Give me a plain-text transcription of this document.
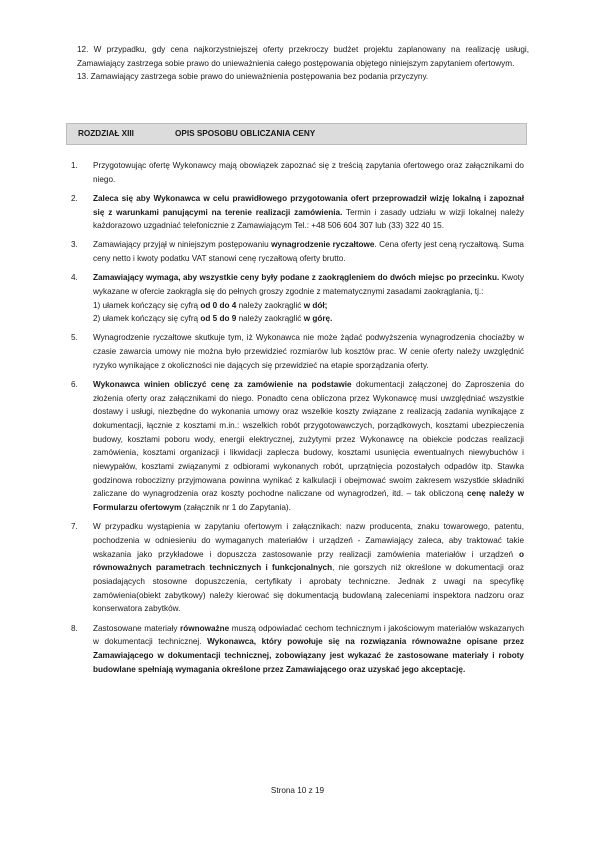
12. W przypadku, gdy cena najkorzystniejszej oferty przekroczy budżet projektu zaplanowany na realizację usługi, Zamawiający zastrzega sobie prawo do unieważnienia całego postępowania objętego niniejszym zapytaniem ofertowym.

13. Zamawiający zastrzega sobie prawo do unieważnienia postępowania bez podania przyczyny.

ROZDZIAŁ XIII	OPIS SPOSOBU OBLICZANIA CENY
1. Przygotowując ofertę Wykonawcy mają obowiązek zapoznać się z treścią zapytania ofertowego oraz załącznikami do niego.
2. Zaleca się aby Wykonawca w celu prawidłowego przygotowania ofert przeprowadził wizję lokalną i zapoznał się z warunkami panującymi na terenie realizacji zamówienia. Termin i zasady udziału w wizji lokalnej należy każdorazowo uzgadniać telefonicznie z Zamawiającym Tel.: +48 506 604 307 lub (33) 322 40 15.
3. Zamawiający przyjął w niniejszym postępowaniu wynagrodzenie ryczałtowe. Cena oferty jest ceną ryczałtową. Suma ceny netto i kwoty podatku VAT stanowi cenę ryczałtową oferty brutto.
4. Zamawiający wymaga, aby wszystkie ceny były podane z zaokrągleniem do dwóch miejsc po przecinku. Kwoty wykazane w ofercie zaokrągla się do pełnych groszy zgodnie z matematycznymi zasadami zaokrąglania, tj.:
1) ułamek kończący się cyfrą od 0 do 4 należy zaokrąglić w dół;
2) ułamek kończący się cyfrą od 5 do 9 należy zaokrąglić w górę.
5. Wynagrodzenie ryczałtowe skutkuje tym, iż Wykonawca nie może żądać podwyższenia wynagrodzenia chociażby w czasie zawarcia umowy nie można było przewidzieć rozmiarów lub kosztów prac. W cenie oferty należy uwzględnić ryzyko wynikające z okoliczności nie dających się przewidzieć na etapie sporządzania oferty.
6. Wykonawca winien obliczyć cenę za zamówienie na podstawie dokumentacji załączonej do Zaproszenia do złożenia oferty oraz załącznikami do niego. Ponadto cena obliczona przez Wykonawcę musi uwzględniać wszystkie dostawy i usługi, niezbędne do wykonania umowy oraz wszelkie koszty związane z realizacją zadania wynikające z dokumentacji, łącznie z kosztami m.in.: wszelkich robót przygotowawczych, porządkowych, kosztami ubezpieczenia budowy, kosztami poboru wody, energii elektrycznej, zużytymi przez Wykonawcę na obiekcie podczas realizacji zamówienia, kosztami organizacji i likwidacji zaplecza budowy, kosztami usunięcia ewentualnych niewybuchów i niewypałów, kosztami związanymi z odbiorami wykonanych robót, uprzątnięcia pozostałych odpadów itp. Stawka godzinowa roboczizny przyjmowana powinna wynikać z kalkulacji i obejmować swoim zakresem wszystkie składniki zaliczane do wynagrodzenia oraz koszty pochodne naliczane od wynagrodzeń, itd. – tak obliczoną cenę należy w Formularzu ofertowym (załącznik nr 1 do Zapytania).
7. W przypadku wystąpienia w zapytaniu ofertowym i załącznikach: nazw producenta, znaku towarowego, patentu, pochodzenia w odniesieniu do wymaganych materiałów i urządzeń - Zamawiający zaleca, aby traktować takie wskazania jako przykładowe i dopuszcza zastosowanie przy realizacji zamówienia materiałów i urządzeń o równoważnych parametrach technicznych i funkcjonalnych, nie gorszych niż określone w dokumentacji oraz posiadających stosowne dopuszczenia, certyfikaty i aprobaty techniczne. Jednak z uwagi na specyfikę zamówienia(obiekt zabytkowy) należy kierować się dokumentacją budowlaną zaleceniami inspektora nadzoru oraz konserwatora zabytków.
8. Zastosowane materiały równoważne muszą odpowiadać cechom technicznym i jakościowym materiałów wskazanych w dokumentacji technicznej. Wykonawca, który powołuje się na rozwiązania równoważne opisane przez Zamawiającego w dokumentacji technicznej, zobowiązany jest wykazać że zastosowane materiały i roboty budowlane spełniają wymagania określone przez Zamawiającego oraz uzyskać jego akceptację.
Strona 10 z 19
